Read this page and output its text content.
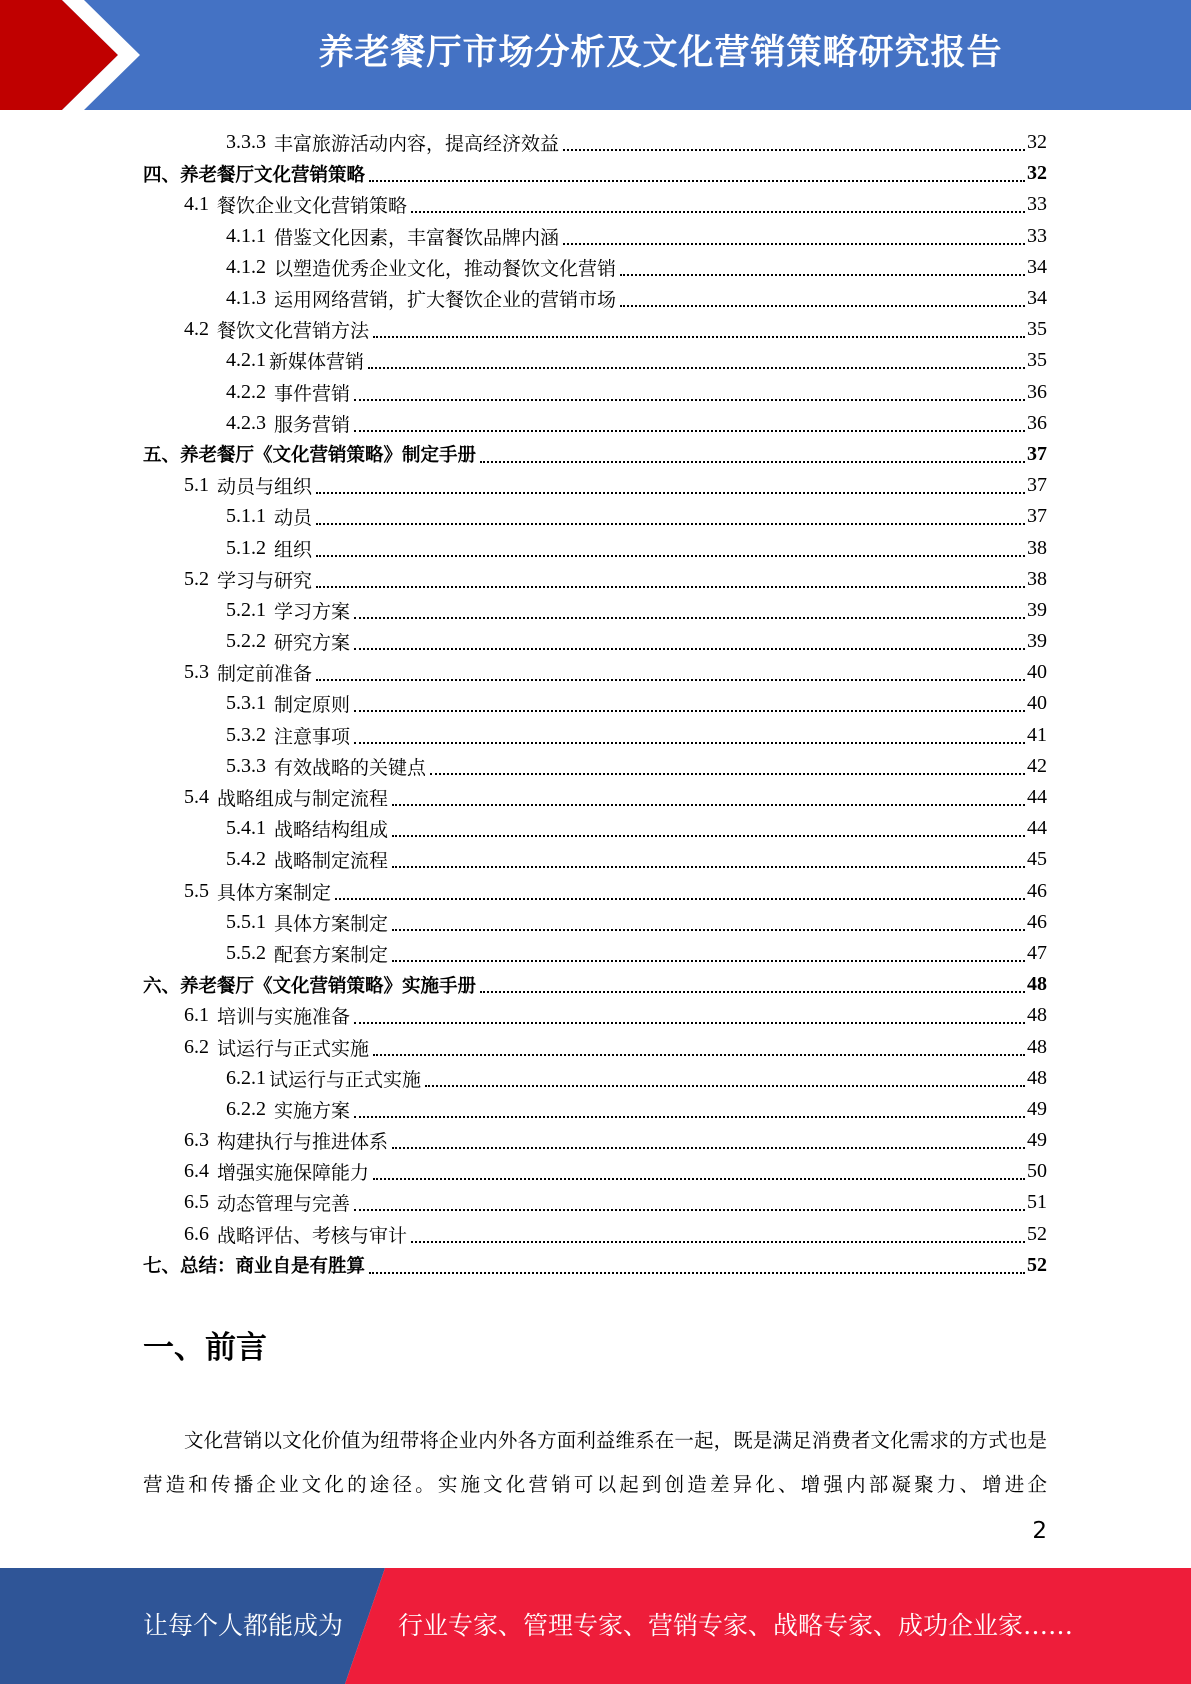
养老餐厅市场分析及文化营销策略研究报告
3.3.3 丰富旅游活动内容，提高经济效益	32
四、养老餐厅文化营销策略	32
4.1 餐饮企业文化营销策略	33
4.1.1 借鉴文化因素，丰富餐饮品牌内涵	33
4.1.2 以塑造优秀企业文化，推动餐饮文化营销	34
4.1.3 运用网络营销，扩大餐饮企业的营销市场	34
4.2 餐饮文化营销方法	35
4.2.1 新媒体营销	35
4.2.2 事件营销	36
4.2.3 服务营销	36
五、养老餐厅《文化营销策略》制定手册	37
5.1 动员与组织	37
5.1.1 动员	37
5.1.2 组织	38
5.2 学习与研究	38
5.2.1 学习方案	39
5.2.2 研究方案	39
5.3 制定前准备	40
5.3.1 制定原则	40
5.3.2 注意事项	41
5.3.3 有效战略的关键点	42
5.4 战略组成与制定流程	44
5.4.1 战略结构组成	44
5.4.2 战略制定流程	45
5.5 具体方案制定	46
5.5.1 具体方案制定	46
5.5.2 配套方案制定	47
六、养老餐厅《文化营销策略》实施手册	48
6.1 培训与实施准备	48
6.2 试运行与正式实施	48
6.2.1 试运行与正式实施	48
6.2.2 实施方案	49
6.3 构建执行与推进体系	49
6.4 增强实施保障能力	50
6.5 动态管理与完善	51
6.6 战略评估、考核与审计	52
七、总结：商业自是有胜算	52
一、前言

文化营销以文化价值为纽带将企业内外各方面利益维系在一起，既是满足消费者文化需求的方式也是营造和传播企业文化的途径。实施文化营销可以起到创造差异化、增强内部凝聚力、增进企

2
让每个人都能成为 行业专家、管理专家、营销专家、战略专家、成功企业家……
